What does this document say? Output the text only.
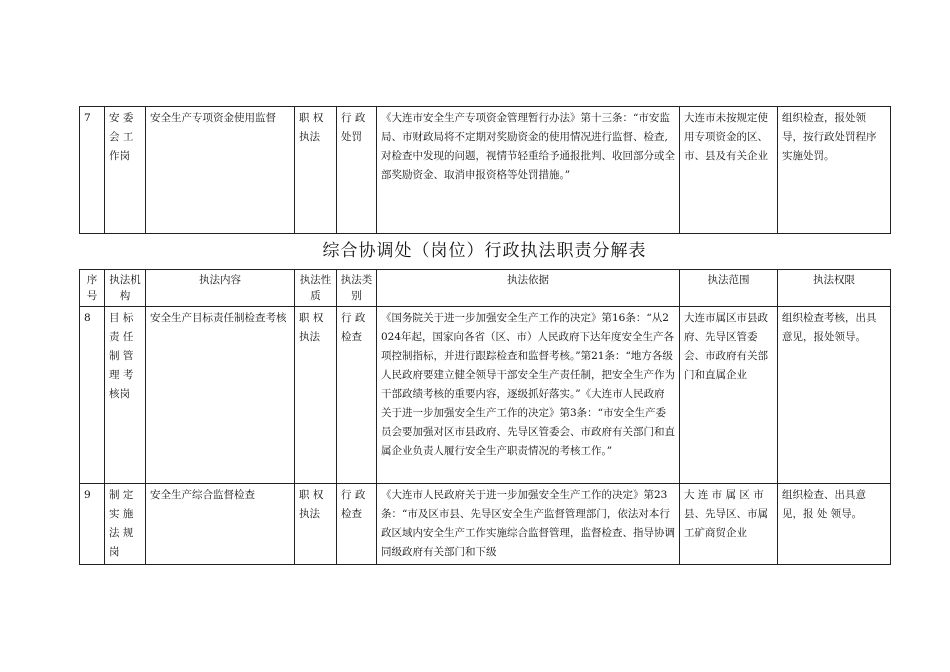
7	安 委 会 工 作岗	安全生产专项资金使用监督	职 权 执法	行 政 处罚	《大连市安全生产专项资金管理暂行办法》第十三条：“市安监局、市财政局将不定期对奖励资金的使用情况进行监督、检查,对检查中发现的问题，视情节轻重给予通报批判、收回部分或全部奖励资金、取消申报资格等处罚措施。”	大连市未按规定使用专项资金的区、市、县及有关企业	组织检查，报处领导，按行政处罚程序实施处罚。
综合协调处（岗位）行政执法职责分解表
序号	执法机构	执法内容	执法性质	执法类别	执法依据	执法范围	执法权限
8	目 标 责 任 制 管 理 考 核岗	安全生产目标责任制检查考核	职 权 执法	行 政 检查	《国务院关于进一步加强安全生产工作的决定》第16条：“从2024年起，国家向各省（区、市）人民政府下达年度安全生产各项控制指标，并进行跟踪检查和监督考核。”第21条：“地方各级人民政府要建立健全领导干部安全生产责任制，把安全生产作为干部政绩考核的重要内容，逐级抓好落实。”《大连市人民政府关于进一步加强安全生产工作的决定》第3条：“市安全生产委员会要加强对区市县政府、先导区管委会、市政府有关部门和直属企业负责人履行安全生产职责情况的考核工作。”	大连市属区市县政府、先导区管委会、市政府有关部门和直属企业	组织检查考核，出具意见，报处领导。
9	制 定 实 施 法 规 岗	安全生产综合监督检查	职 权 执法	行 政 检查	《大连市人民政府关于进一步加强安全生产工作的决定》第23条：“市及区市县、先导区安全生产监督管理部门，依法对本行政区域内安全生产工作实施综合监督管理，监督检查、指导协调同级政府有关部门和下级	大 连 市 属 区 市 县、先导区、市属工矿商贸企业	组织检查、出具意 见，报 处 领导。
